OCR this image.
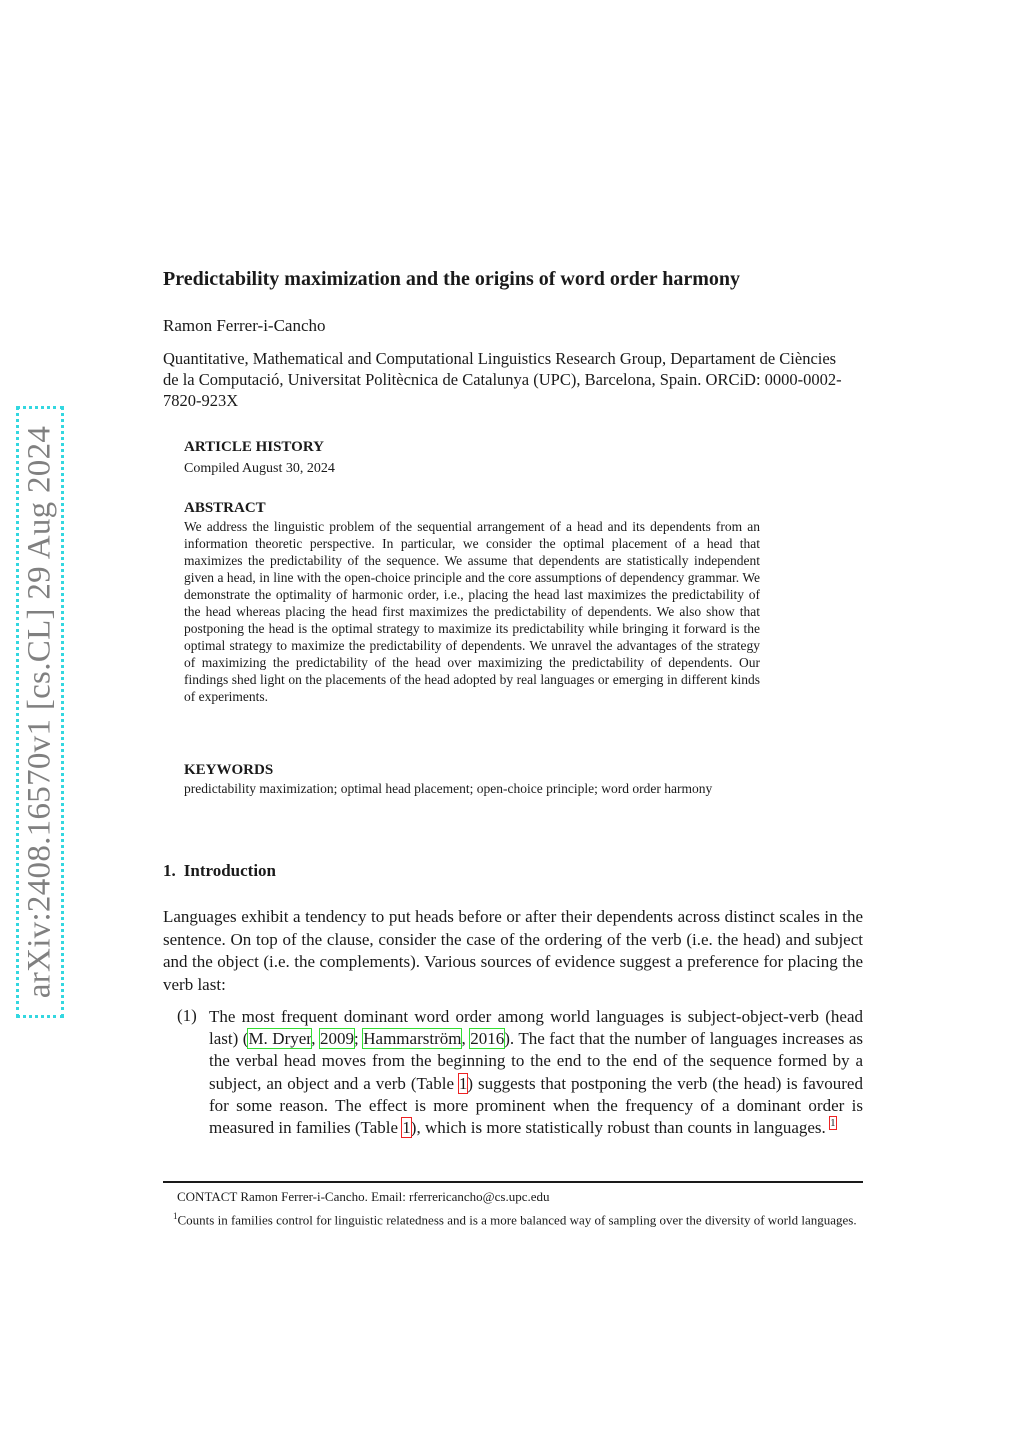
arXiv:2408.16570v1 [cs.CL] 29 Aug 2024
Predictability maximization and the origins of word order harmony
Ramon Ferrer-i-Cancho
Quantitative, Mathematical and Computational Linguistics Research Group, Departament de Ciències de la Computació, Universitat Politècnica de Catalunya (UPC), Barcelona, Spain. ORCiD: 0000-0002-7820-923X
ARTICLE HISTORY
Compiled August 30, 2024
ABSTRACT
We address the linguistic problem of the sequential arrangement of a head and its dependents from an information theoretic perspective. In particular, we consider the optimal placement of a head that maximizes the predictability of the sequence. We assume that dependents are statistically independent given a head, in line with the open-choice principle and the core assumptions of dependency grammar. We demonstrate the optimality of harmonic order, i.e., placing the head last maximizes the predictability of the head whereas placing the head first maximizes the predictability of dependents. We also show that postponing the head is the optimal strategy to maximize its predictability while bringing it forward is the optimal strategy to maximize the predictability of dependents. We unravel the advantages of the strategy of maximizing the predictability of the head over maximizing the predictability of dependents. Our findings shed light on the placements of the head adopted by real languages or emerging in different kinds of experiments.
KEYWORDS
predictability maximization; optimal head placement; open-choice principle; word order harmony
1. Introduction
Languages exhibit a tendency to put heads before or after their dependents across distinct scales in the sentence. On top of the clause, consider the case of the ordering of the verb (i.e. the head) and subject and the object (i.e. the complements). Various sources of evidence suggest a preference for placing the verb last:
(1) The most frequent dominant word order among world languages is subject-object-verb (head last) (M. Dryer, 2009; Hammarström, 2016). The fact that the number of languages increases as the verbal head moves from the beginning to the end to the end of the sequence formed by a subject, an object and a verb (Table 1) suggests that postponing the verb (the head) is favoured for some reason. The effect is more prominent when the frequency of a dominant order is measured in families (Table 1), which is more statistically robust than counts in languages. $^1$
CONTACT Ramon Ferrer-i-Cancho. Email: rferrericancho@cs.upc.edu
$^1$Counts in families control for linguistic relatedness and is a more balanced way of sampling over the diversity of world languages.
